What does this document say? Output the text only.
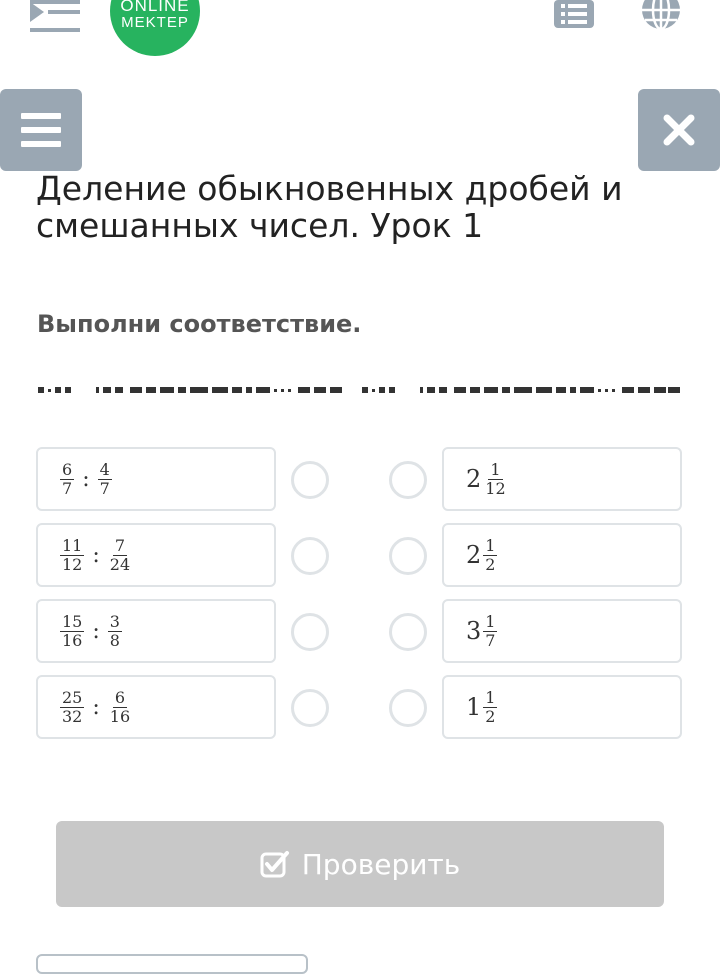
ONLINE
MEKTEP
Деление обыкновенных дробей и смешанных чисел. Урок 1
Выполни соответствие.
$\frac{6}{7}$ : $\frac{4}{7}$
$\frac{11}{12}$ : $\frac{7}{24}$
$\frac{15}{16}$ : $\frac{3}{8}$
$\frac{25}{32}$ : $\frac{6}{16}$
$2 \frac{1}{12}$
$2 \frac{1}{2}$
$3 \frac{1}{7}$
$1 \frac{1}{2}$
Проверить
